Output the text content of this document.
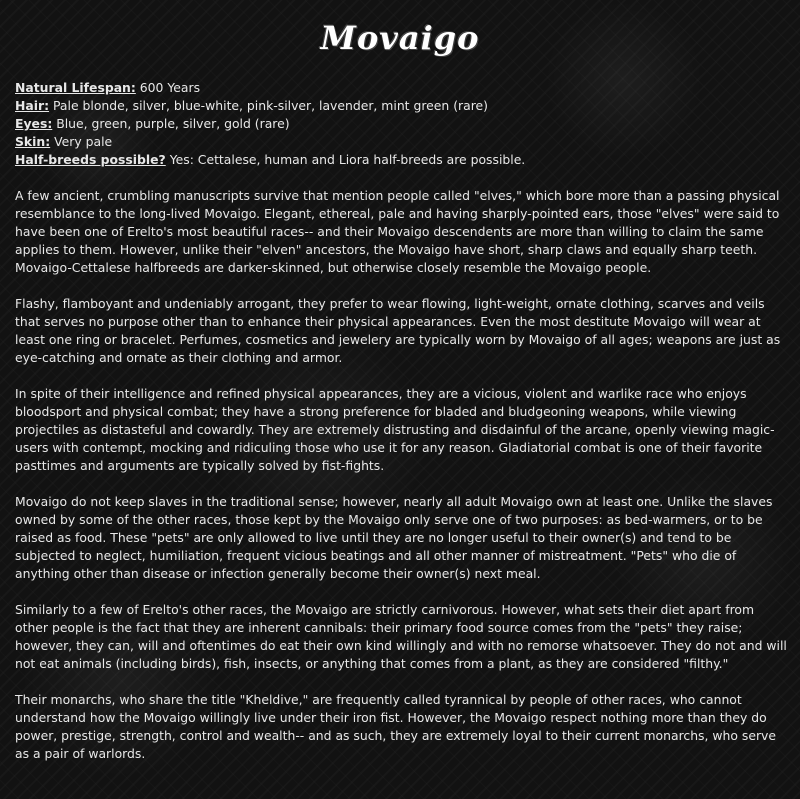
Movaigo
Natural Lifespan: 600 Years
Hair: Pale blonde, silver, blue-white, pink-silver, lavender, mint green (rare)
Eyes: Blue, green, purple, silver, gold (rare)
Skin: Very pale
Half-breeds possible? Yes: Cettalese, human and Liora half-breeds are possible.

A few ancient, crumbling manuscripts survive that mention people called "elves," which bore more than a passing physical resemblance to the long-lived Movaigo. Elegant, ethereal, pale and having sharply-pointed ears, those "elves" were said to have been one of Erelto's most beautiful races-- and their Movaigo descendents are more than willing to claim the same applies to them. However, unlike their "elven" ancestors, the Movaigo have short, sharp claws and equally sharp teeth. Movaigo-Cettalese halfbreeds are darker-skinned, but otherwise closely resemble the Movaigo people.

Flashy, flamboyant and undeniably arrogant, they prefer to wear flowing, light-weight, ornate clothing, scarves and veils that serves no purpose other than to enhance their physical appearances. Even the most destitute Movaigo will wear at least one ring or bracelet. Perfumes, cosmetics and jewelery are typically worn by Movaigo of all ages; weapons are just as eye-catching and ornate as their clothing and armor.

In spite of their intelligence and refined physical appearances, they are a vicious, violent and warlike race who enjoys bloodsport and physical combat; they have a strong preference for bladed and bludgeoning weapons, while viewing projectiles as distasteful and cowardly. They are extremely distrusting and disdainful of the arcane, openly viewing magic-users with contempt, mocking and ridiculing those who use it for any reason. Gladiatorial combat is one of their favorite pasttimes and arguments are typically solved by fist-fights.

Movaigo do not keep slaves in the traditional sense; however, nearly all adult Movaigo own at least one. Unlike the slaves owned by some of the other races, those kept by the Movaigo only serve one of two purposes: as bed-warmers, or to be raised as food. These "pets" are only allowed to live until they are no longer useful to their owner(s) and tend to be subjected to neglect, humiliation, frequent vicious beatings and all other manner of mistreatment. "Pets" who die of anything other than disease or infection generally become their owner(s) next meal.

Similarly to a few of Erelto's other races, the Movaigo are strictly carnivorous. However, what sets their diet apart from other people is the fact that they are inherent cannibals: their primary food source comes from the "pets" they raise; however, they can, will and oftentimes do eat their own kind willingly and with no remorse whatsoever. They do not and will not eat animals (including birds), fish, insects, or anything that comes from a plant, as they are considered "filthy."

Their monarchs, who share the title "Kheldive," are frequently called tyrannical by people of other races, who cannot understand how the Movaigo willingly live under their iron fist. However, the Movaigo respect nothing more than they do power, prestige, strength, control and wealth-- and as such, they are extremely loyal to their current monarchs, who serve as a pair of warlords.
